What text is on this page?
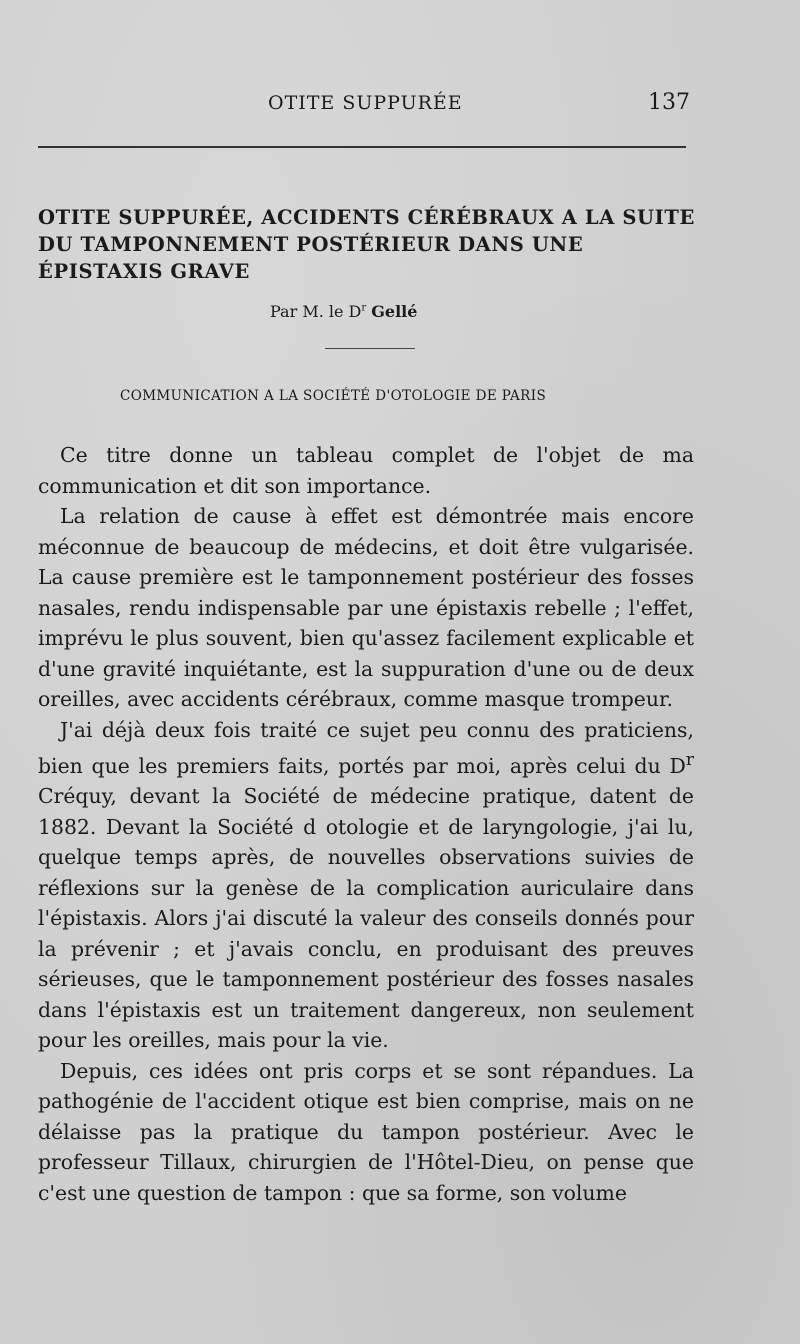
OTITE SUPPURÉE	137
OTITE SUPPURÉE, ACCIDENTS CÉRÉBRAUX A LA SUITE DU TAMPONNEMENT POSTÉRIEUR DANS UNE ÉPISTAXIS GRAVE
Par M. le $D^r$ Gellé
COMMUNICATION A LA SOCIÉTÉ D'OTOLOGIE DE PARIS

Ce titre donne un tableau complet de l'objet de ma communication et dit son importance.

La relation de cause à effet est démontrée mais encore méconnue de beaucoup de médecins, et doit être vulgarisée. La cause première est le tamponnement postérieur des fosses nasales, rendu indispensable par une épistaxis rebelle ; l'effet, imprévu le plus souvent, bien qu'assez facilement explicable et d'une gravité inquiétante, est la suppuration d'une ou de deux oreilles, avec accidents cérébraux, comme masque trompeur.

J'ai déjà deux fois traité ce sujet peu connu des praticiens, bien que les premiers faits, portés par moi, après celui du $D^r$ Créquy, devant la Société de médecine pratique, datent de 1882. Devant la Société d otologie et de laryngologie, j'ai lu, quelque temps après, de nouvelles observations suivies de réflexions sur la genèse de la complication auriculaire dans l'épistaxis. Alors j'ai discuté la valeur des conseils donnés pour la prévenir ; et j'avais conclu, en produisant des preuves sérieuses, que le tamponnement postérieur des fosses nasales dans l'épistaxis est un traitement dangereux, non seulement pour les oreilles, mais pour la vie.

Depuis, ces idées ont pris corps et se sont répandues. La pathogénie de l'accident otique est bien comprise, mais on ne délaisse pas la pratique du tampon postérieur. Avec le professeur Tillaux, chirurgien de l'Hôtel-Dieu, on pense que c'est une question de tampon : que sa forme, son volume
